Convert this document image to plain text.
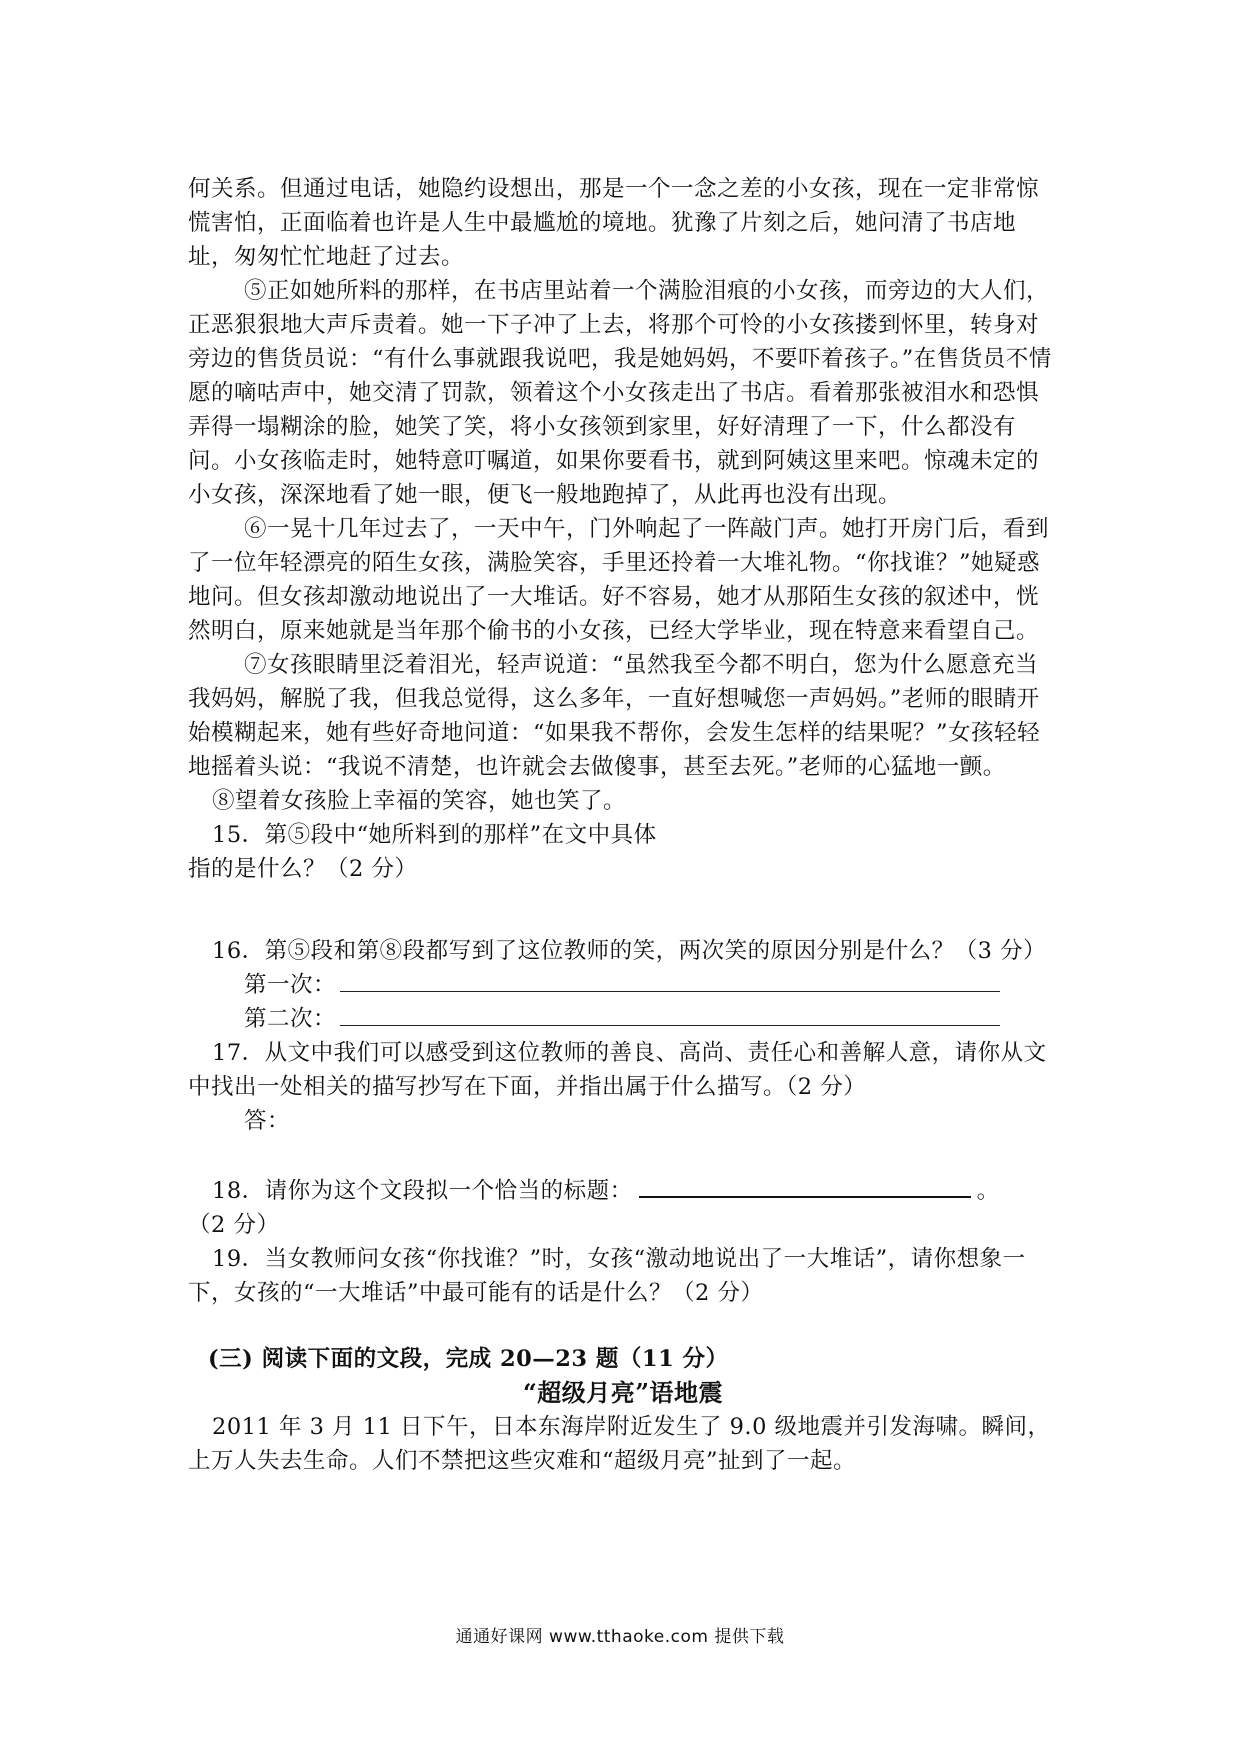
何关系。但通过电话，她隐约设想出，那是一个一念之差的小女孩，现在一定非常惊慌害怕，正面临着也许是人生中最尴尬的境地。犹豫了片刻之后，她问清了书店地址，匆匆忙忙地赶了过去。

⑤正如她所料的那样，在书店里站着一个满脸泪痕的小女孩，而旁边的大人们，正恶狠狠地大声斥责着。她一下子冲了上去，将那个可怜的小女孩搂到怀里，转身对旁边的售货员说：“有什么事就跟我说吧，我是她妈妈，不要吓着孩子。”在售货员不情愿的嘀咕声中，她交清了罚款，领着这个小女孩走出了书店。看着那张被泪水和恐惧弄得一塌糊涂的脸，她笑了笑，将小女孩领到家里，好好清理了一下，什么都没有问。小女孩临走时，她特意叮嘱道，如果你要看书，就到阿姨这里来吧。惊魂未定的小女孩，深深地看了她一眼，便飞一般地跑掉了，从此再也没有出现。

⑥一晃十几年过去了，一天中午，门外响起了一阵敲门声。她打开房门后，看到了一位年轻漂亮的陌生女孩，满脸笑容，手里还拎着一大堆礼物。“你找谁？”她疑惑地问。但女孩却激动地说出了一大堆话。好不容易，她才从那陌生女孩的叙述中，恍然明白，原来她就是当年那个偷书的小女孩，已经大学毕业，现在特意来看望自己。

⑦女孩眼睛里泛着泪光，轻声说道：“虽然我至今都不明白，您为什么愿意充当我妈妈，解脱了我，但我总觉得，这么多年，一直好想喊您一声妈妈。”老师的眼睛开始模糊起来，她有些好奇地问道：“如果我不帮你，会发生怎样的结果呢？”女孩轻轻地摇着头说：“我说不清楚，也许就会去做傻事，甚至去死。”老师的心猛地一颤。

⑧望着女孩脸上幸福的笑容，她也笑了。

15．第⑤段中“她所料到的那样”在文中具体

指的是什么？（2 分）

16．第⑤段和第⑧段都写到了这位教师的笑，两次笑的原因分别是什么？（3 分）

第一次：

第二次：

17．从文中我们可以感受到这位教师的善良、高尚、责任心和善解人意，请你从文中找出一处相关的描写抄写在下面，并指出属于什么描写。（2 分）

答：

18．请你为这个文段拟一个恰当的标题：	。

（2 分）

19．当女教师问女孩“你找谁？”时，女孩“激动地说出了一大堆话”，请你想象一下，女孩的“一大堆话”中最可能有的话是什么？（2 分）

(三) 阅读下面的文段，完成 20—23 题（11 分）

“超级月亮”语地震

2011 年 3 月 11 日下午，日本东海岸附近发生了 9.0 级地震并引发海啸。瞬间，上万人失去生命。人们不禁把这些灾难和“超级月亮”扯到了一起。

通通好课网 www.tthaoke.com 提供下载
